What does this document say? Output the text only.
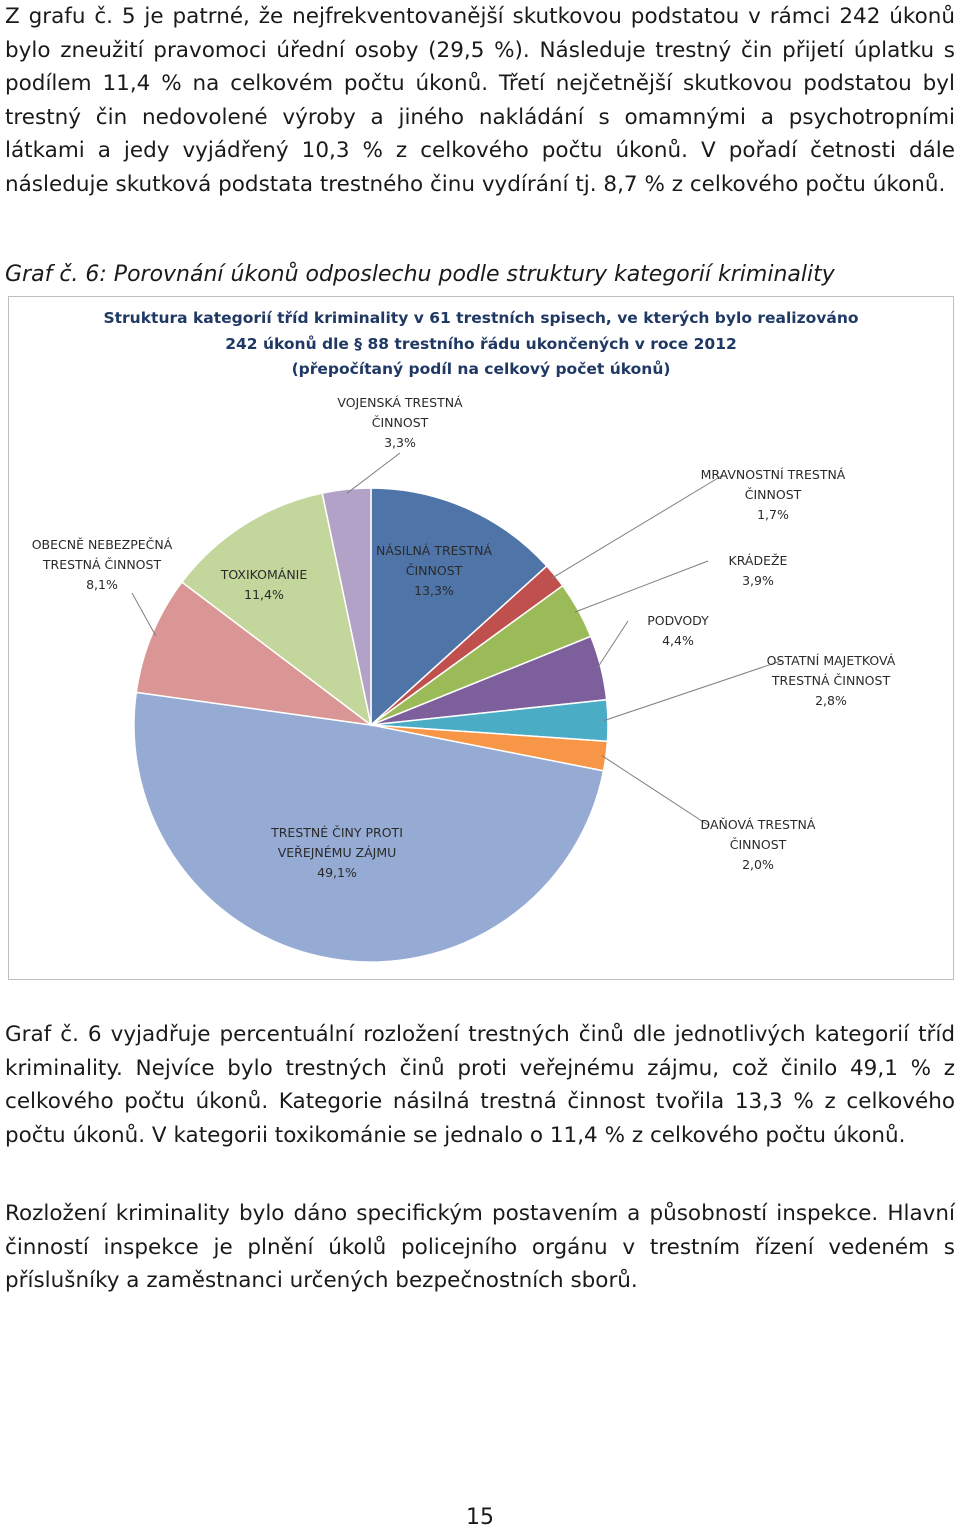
Z grafu č. 5 je patrné, že nejfrekventovanější skutkovou podstatou v rámci 242 úkonů bylo zneužití pravomoci úřední osoby (29,5 %). Následuje trestný čin přijetí úplatku s podílem 11,4 % na celkovém počtu úkonů. Třetí nejčetnější skutkovou podstatou byl trestný čin nedovolené výroby a jiného nakládání s omamnými a psychotropními látkami a jedy vyjádřený 10,3 % z celkového počtu úkonů. V pořadí četnosti dále následuje skutková podstata trestného činu vydírání tj. 8,7 % z celkového počtu úkonů.

Graf č. 6: Porovnání úkonů odposlechu podle struktury kategorií kriminality

Struktura kategorií tříd kriminality v 61 trestních spisech, ve kterých bylo realizováno
242 úkonů dle § 88 trestního řádu ukončených v roce 2012
(přepočítaný podíl na celkový počet úkonů)
NÁSILNÁ TRESTNÁ
ČINNOST
13,3%
MRAVNOSTNÍ TRESTNÁ
ČINNOST
1,7%
KRÁDEŽE
3,9%
PODVODY
4,4%
OSTATNÍ MAJETKOVÁ
TRESTNÁ ČINNOST
2,8%
DAŇOVÁ TRESTNÁ
ČINNOST
2,0%
TRESTNÉ ČINY PROTI
VEŘEJNÉMU ZÁJMU
49,1%
OBECNĚ NEBEZPEČNÁ
TRESTNÁ ČINNOST
8,1%
TOXIKOMÁNIE
11,4%
VOJENSKÁ TRESTNÁ
ČINNOST
3,3%

Graf č. 6 vyjadřuje percentuální rozložení trestných činů dle jednotlivých kategorií tříd kriminality. Nejvíce bylo trestných činů proti veřejnému zájmu, což činilo 49,1 % z celkového počtu úkonů. Kategorie násilná trestná činnost tvořila 13,3 % z celkového počtu úkonů. V kategorii toxikománie se jednalo o 11,4 % z celkového počtu úkonů.

Rozložení kriminality bylo dáno specifickým postavením a působností inspekce. Hlavní činností inspekce je plnění úkolů policejního orgánu v trestním řízení vedeném s příslušníky a zaměstnanci určených bezpečnostních sborů.

15
